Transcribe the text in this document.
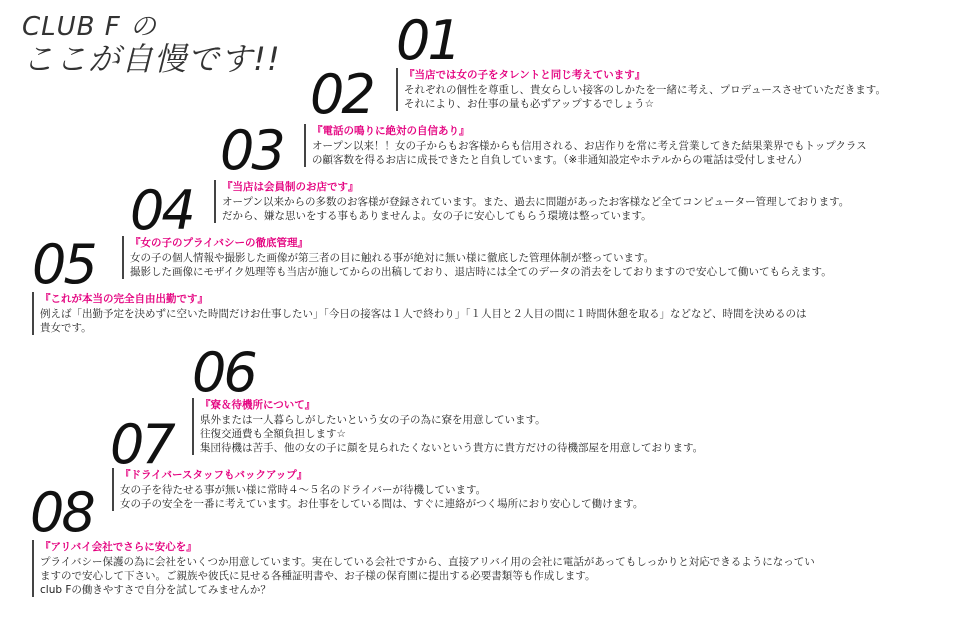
CLUB F の
ここが自慢です!! 01
02
03
04
05
06
07
08
『当店では女の子をタレントと同じ考えています』
それぞれの個性を尊重し、貴女らしい接客のしかたを一緒に考え、プロデュースさせていただきます。
それにより、お仕事の量も必ずアップするでしょう☆
『電話の鳴りに絶対の自信あり』
オープン以来！！女の子からもお客様からも信用される、お店作りを常に考え営業してきた結果業界でもトップクラス
の顧客数を得るお店に成長できたと自負しています。（※非通知設定やホテルからの電話は受付しません）
『当店は会員制のお店です』
オープン以来からの多数のお客様が登録されています。また、過去に問題があったお客様など全てコンピューター管理しております。
だから、嫌な思いをする事もありませんよ。女の子に安心してもらう環境は整っています。
『女の子のプライバシーの徹底管理』
女の子の個人情報や撮影した画像が第三者の目に触れる事が絶対に無い様に徹底した管理体制が整っています。
撮影した画像にモザイク処理等も当店が施してからの出稿しており、退店時には全てのデータの消去をしておりますので安心して働いてもらえます。
『これが本当の完全自由出勤です』
例えば「出勤予定を決めずに空いた時間だけお仕事したい」「今日の接客は１人で終わり」「１人目と２人目の間に１時間休憩を取る」などなど、時間を決めるのは
貴女です。
『寮＆待機所について』
県外または一人暮らしがしたいという女の子の為に寮を用意しています。
往復交通費も全額負担します☆
集団待機は苦手、他の女の子に顔を見られたくないという貴方に貴方だけの待機部屋を用意しております。
『ドライバースタッフもバックアップ』
女の子を待たせる事が無い様に常時４～５名のドライバーが待機しています。
女の子の安全を一番に考えています。お仕事をしている間は、すぐに連絡がつく場所におり安心して働けます。
『アリバイ会社でさらに安心を』
プライバシー保護の為に会社をいくつか用意しています。実在している会社ですから、直接アリバイ用の会社に電話があってもしっかりと対応できるようになってい
ますので安心して下さい。ご親族や彼氏に見せる各種証明書や、お子様の保育園に提出する必要書類等も作成します。
club Fの働きやすさで自分を試してみませんか？
